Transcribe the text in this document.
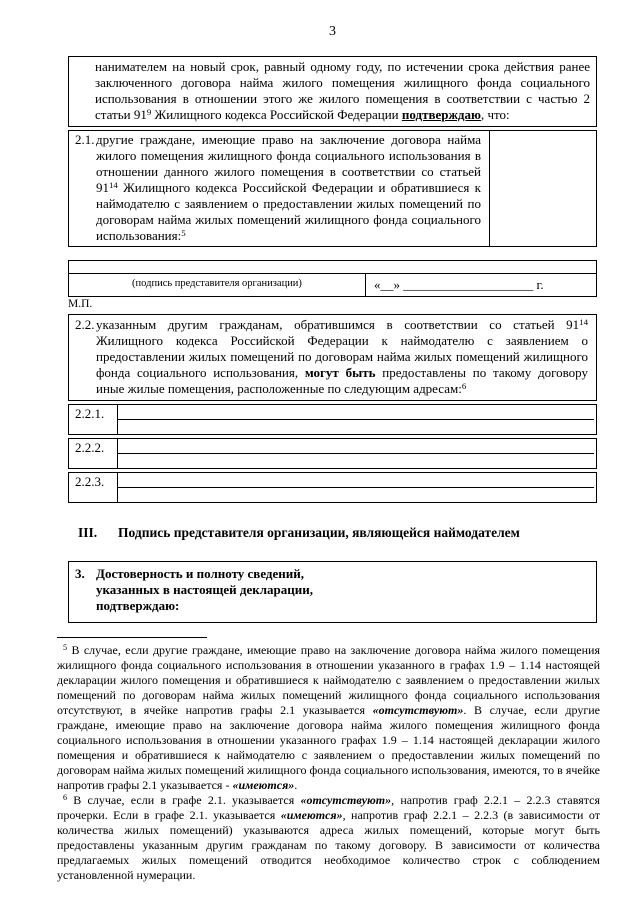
3

нанимателем на новый срок, равный одному году, по истечении срока действия ранее заключенного договора найма жилого помещения жилищного фонда социального использования в отношении этого же жилого помещения в соответствии с частью 2 статьи $91^9$ Жилищного кодекса Российской Федерации подтверждаю, что:

2.1. другие граждане, имеющие право на заключение договора найма жилого помещения жилищного фонда социального использования в отношении данного жилого помещения в соответствии со статьей $91^{14}$ Жилищного кодекса Российской Федерации и обратившиеся к наймодателю с заявлением о предоставлении жилых помещений по договорам найма жилых помещений жилищного фонда социального использования:$^5$

(подпись представителя организации)	«__» ____________________ г.
М.П.

2.2. указанным другим гражданам, обратившимся в соответствии со статьей $91^{14}$ Жилищного кодекса Российской Федерации к наймодателю с заявлением о предоставлении жилых помещений по договорам найма жилых помещений жилищного фонда социального использования, могут быть предоставлены по такому договору иные жилые помещения, расположенные по следующим адресам:$^6$

2.2.1.
2.2.2.
2.2.3.
III.	Подпись представителя организации, являющейся наймодателем
3. Достоверность и полноту сведений,
указанных в настоящей декларации,
подтверждаю:

$^5$ В случае, если другие граждане, имеющие право на заключение договора найма жилого помещения жилищного фонда социального использования в отношении указанного в графах 1.9 – 1.14 настоящей декларации жилого помещения и обратившиеся к наймодателю с заявлением о предоставлении жилых помещений по договорам найма жилых помещений жилищного фонда социального использования отсутствуют, в ячейке напротив графы 2.1 указывается «отсутствуют». В случае, если другие граждане, имеющие право на заключение договора найма жилого помещения жилищного фонда социального использования в отношении указанного графах 1.9 – 1.14 настоящей декларации жилого помещения и обратившиеся к наймодателю с заявлением о предоставлении жилых помещений по договорам найма жилых помещений жилищного фонда социального использования, имеются, то в ячейке напротив графы 2.1 указывается - «имеются».

$^6$ В случае, если в графе 2.1. указывается «отсутствуют», напротив граф 2.2.1 – 2.2.3 ставятся прочерки. Если в графе 2.1. указывается «имеются», напротив граф 2.2.1 – 2.2.3 (в зависимости от количества жилых помещений) указываются адреса жилых помещений, которые могут быть предоставлены указанным другим гражданам по такому договору. В зависимости от количества предлагаемых жилых помещений отводится необходимое количество строк с соблюдением установленной нумерации.
